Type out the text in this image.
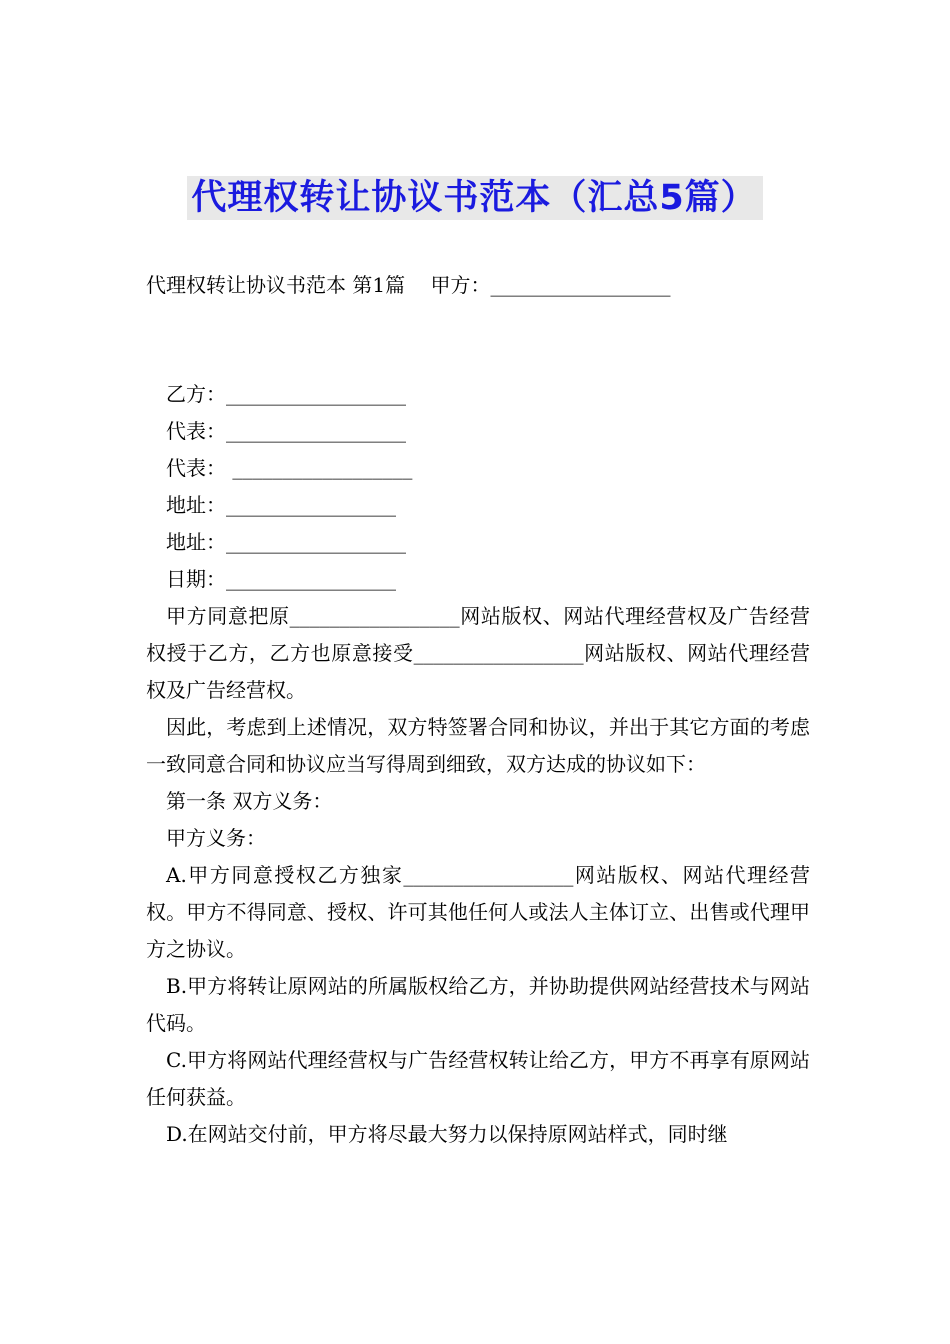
代理权转让协议书范本（汇总5篇）
代理权转让协议书范本 第1篇    甲方：__________________
乙方：__________________
代表：__________________
代表： __________________
地址：_________________
地址：__________________
日期：_________________

甲方同意把原_________________网站版权、网站代理经营权及广告经营权授于乙方，乙方也原意接受_________________网站版权、网站代理经营权及广告经营权。

因此，考虑到上述情况，双方特签署合同和协议，并出于其它方面的考虑一致同意合同和协议应当写得周到细致，双方达成的协议如下：

第一条 双方义务：
甲方义务：

A.甲方同意授权乙方独家_________________网站版权、网站代理经营权。甲方不得同意、授权、许可其他任何人或法人主体订立、出售或代理甲方之协议。

B.甲方将转让原网站的所属版权给乙方，并协助提供网站经营技术与网站代码。

C.甲方将网站代理经营权与广告经营权转让给乙方，甲方不再享有原网站任何获益。

D.在网站交付前，甲方将尽最大努力以保持原网站样式，同时继
